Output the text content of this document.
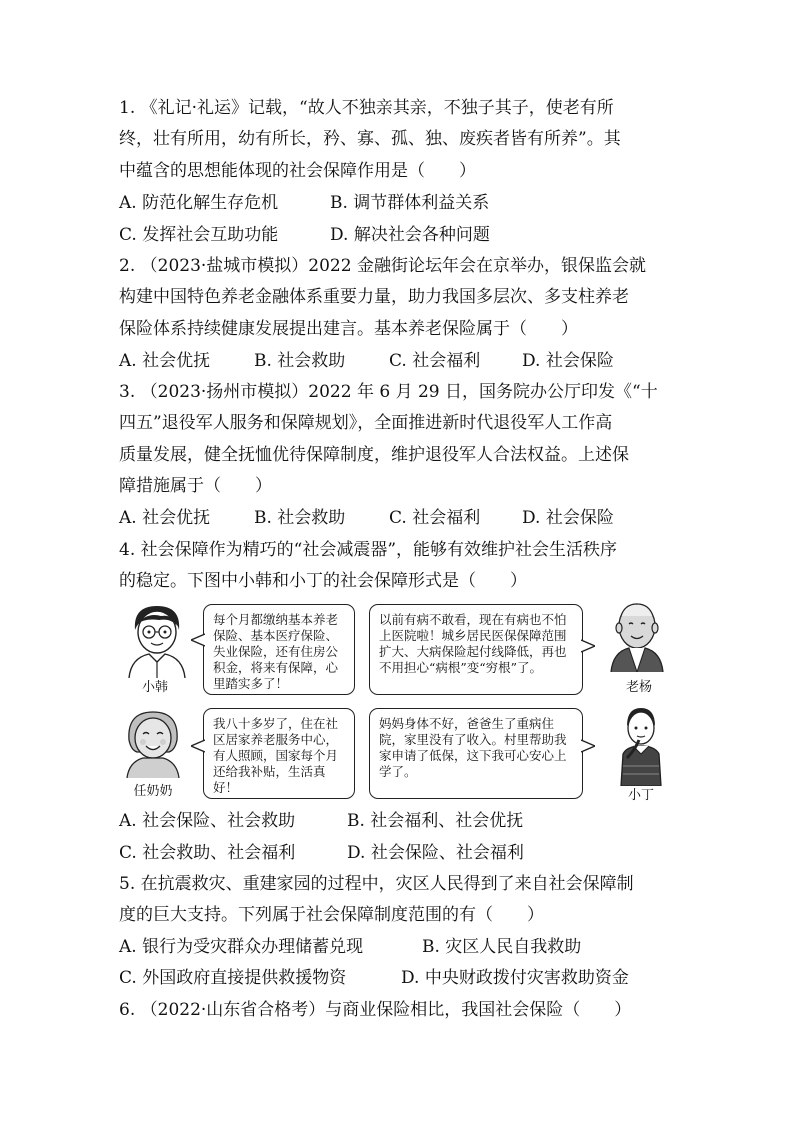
1. 《礼记·礼运》记载，“故人不独亲其亲，不独子其子，使老有所
终，壮有所用，幼有所长，矜、寡、孤、独、废疾者皆有所养”。其
中蕴含的思想能体现的社会保障作用是（　　）
A. 防范化解生存危机	B. 调节群体利益关系
C. 发挥社会互助功能	D. 解决社会各种问题
2. （2023·盐城市模拟）2022 金融街论坛年会在京举办，银保监会就
构建中国特色养老金融体系重要力量，助力我国多层次、多支柱养老
保险体系持续健康发展提出建言。基本养老保险属于（　　）
A. 社会优抚	B. 社会救助	C. 社会福利 D. 社会保险
3. （2023·扬州市模拟）2022 年 6 月 29 日，国务院办公厅印发《“十
四五”退役军人服务和保障规划》，全面推进新时代退役军人工作高
质量发展，健全抚恤优待保障制度，维护退役军人合法权益。上述保
障措施属于（　　）
A. 社会优抚	B. 社会救助	C. 社会福利 D. 社会保险
4. 社会保障作为精巧的“社会减震器”，能够有效维护社会生活秩序
的稳定。下图中小韩和小丁的社会保障形式是（　　）
小韩
每个月都缴纳基本养老保险、基本医疗保险、失业保险，还有住房公积金，将来有保障，心里踏实多了！
以前有病不敢看，现在有病也不怕上医院啦！城乡居民医保保障范围扩大、大病保险起付线降低，再也不用担心“病根”变“穷根”了。
老杨
任奶奶
我八十多岁了，住在社区居家养老服务中心，有人照顾，国家每个月还给我补贴，生活真好！
妈妈身体不好，爸爸生了重病住院，家里没有了收入。村里帮助我家申请了低保，这下我可心安心上学了。
小丁
A. 社会保险、社会救助	B. 社会福利、社会优抚
C. 社会救助、社会福利	D. 社会保险、社会福利
5. 在抗震救灾、重建家园的过程中，灾区人民得到了来自社会保障制
度的巨大支持。下列属于社会保障制度范围的有（　　）
A. 银行为受灾群众办理储蓄兑现	B. 灾区人民自我救助
C. 外国政府直接提供救援物资	D. 中央财政拨付灾害救助资金
6. （2022·山东省合格考）与商业保险相比，我国社会保险（　　）
